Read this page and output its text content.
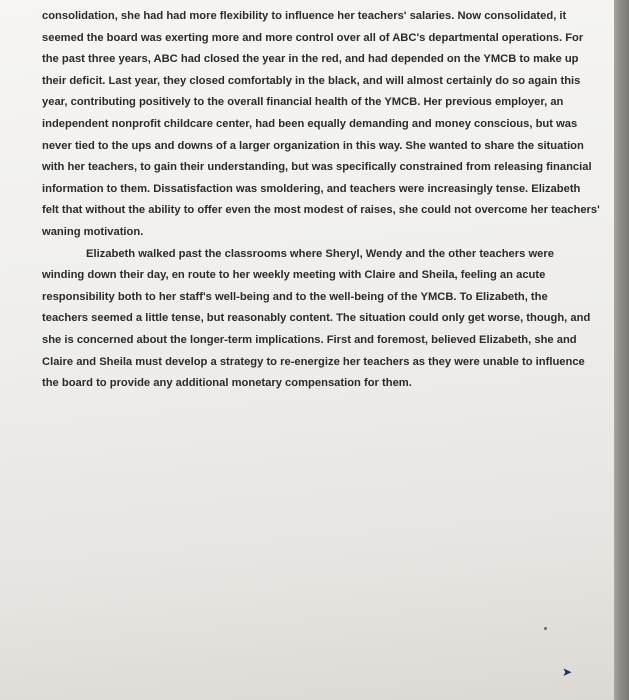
consolidation, she had had more flexibility to influence her teachers' salaries. Now consolidated, it
seemed the board was exerting more and more control over all of ABC's departmental operations. For
the past three years, ABC had closed the year in the red, and had depended on the YMCB to make up
their deficit. Last year, they closed comfortably in the black, and will almost certainly do so again this
year, contributing positively to the overall financial health of the YMCB. Her previous employer, an
independent nonprofit childcare center, had been equally demanding and money conscious, but was
never tied to the ups and downs of a larger organization in this way. She wanted to share the situation
with her teachers, to gain their understanding, but was specifically constrained from releasing financial
information to them. Dissatisfaction was smoldering, and teachers were increasingly tense. Elizabeth
felt that without the ability to offer even the most modest of raises, she could not overcome her teachers'
waning motivation.
Elizabeth walked past the classrooms where Sheryl, Wendy and the other teachers were
winding down their day, en route to her weekly meeting with Claire and Sheila, feeling an acute
responsibility both to her staff's well-being and to the well-being of the YMCB. To Elizabeth, the
teachers seemed a little tense, but reasonably content. The situation could only get worse, though, and
she is concerned about the longer-term implications. First and foremost, believed Elizabeth, she and
Claire and Sheila must develop a strategy to re-energize her teachers as they were unable to influence
the board to provide any additional monetary compensation for them.
➤
